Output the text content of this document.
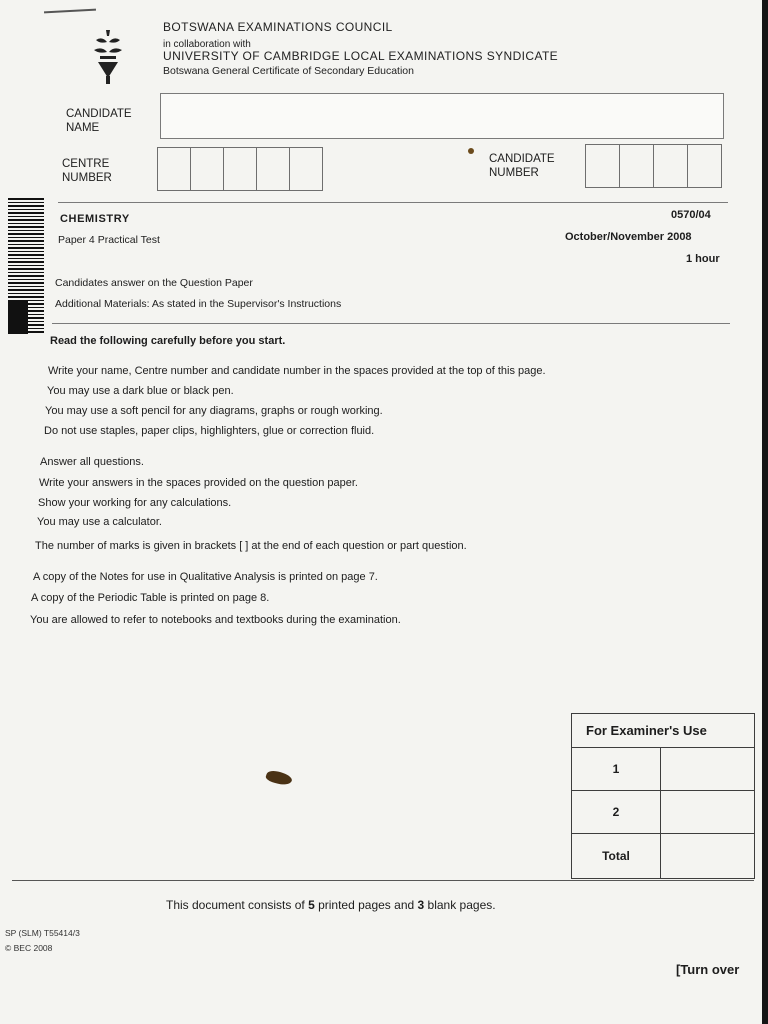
BOTSWANA EXAMINATIONS COUNCIL
in collaboration with
UNIVERSITY OF CAMBRIDGE LOCAL EXAMINATIONS SYNDICATE
Botswana General Certificate of Secondary Education
CANDIDATE NAME
CENTRE NUMBER
CANDIDATE NUMBER
CHEMISTRY
Paper 4 Practical Test
0570/04
October/November 2008
1 hour
Candidates answer on the Question Paper
Additional Materials: As stated in the Supervisor's Instructions
Read the following carefully before you start.
Write your name, Centre number and candidate number in the spaces provided at the top of this page.
You may use a dark blue or black pen.
You may use a soft pencil for any diagrams, graphs or rough working.
Do not use staples, paper clips, highlighters, glue or correction fluid.
Answer all questions.
Write your answers in the spaces provided on the question paper.
Show your working for any calculations.
You may use a calculator.
The number of marks is given in brackets [ ] at the end of each question or part question.
A copy of the Notes for use in Qualitative Analysis is printed on page 7.
A copy of the Periodic Table is printed on page 8.
You are allowed to refer to notebooks and textbooks during the examination.
For Examiner's Use
1
2
Total
This document consists of 5 printed pages and 3 blank pages.
SP (SLM) T55414/3
© BEC 2008
[Turn over
